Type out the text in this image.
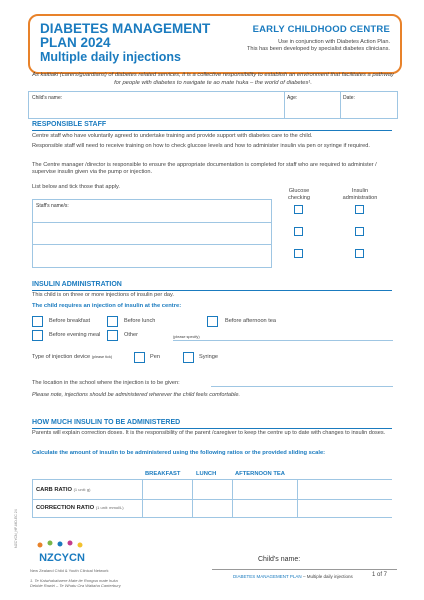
DIABETES MANAGEMENT
PLAN 2024
Multiple daily injections
EARLY CHILDHOOD CENTRE
Use in conjunction with Diabetes Action Plan.
This has been developed by specialist diabetes clinicians.
As kaitiaki (carers/guardians) of diabetes related services, it is a collective responsibility to establish an environment that facilitates a pathway for people with diabetes to navigate te ao mate huka – the world of diabetes¹.
Child's name:	Age:	Date:
RESPONSIBLE STAFF
Centre staff who have voluntarily agreed to undertake training and provide support with diabetes care to the child.
Responsible staff will need to receive training on how to check glucose levels and how to administer insulin via pen or syringe if required.
The Centre manager /director is responsible to ensure the appropriate documentation is completed for staff who are required to administer / supervise insulin given via the pump or injection.
List below and tick those that apply.
Glucose checking
Insulin administration
Staff's name/s:
INSULIN ADMINISTRATION
This child is on three or more injections of insulin per day.
The child requires an injection of insulin at the centre:
Before breakfast	Before lunch	Before afternoon tea
Before evening meal	Other	(please specify)
Type of injection device (please tick)	Pen	Syringe
The location in the school where the injection is to be given:
Please note, injections should be administered wherever the child feels comfortable.
HOW MUCH INSULIN TO BE ADMINISTERED
Parents will explain correction doses. It is the responsibility of the parent /caregiver to keep the centre up to date with changes to insulin doses.
Calculate the amount of insulin to be administered using the following ratios or the provided sliding scale:
BREAKFAST	LUNCH	AFTERNOON TEA
CARB RATIO (1 unit: g)
CORRECTION RATIO (1 unit: mmol/L)
NZCYCN_HF-MD-EC 24
NZCYCN
New Zealand Child & Youth Clinical Network
1. Te Kaiwhakahaere Mate ite Rongoa mate huka
Debbie Rawiri – Te Whatu Ora Waitaha Canterbury
Child's name:
DIABETES MANAGEMENT PLAN – Multiple daily injections	1 of 7
